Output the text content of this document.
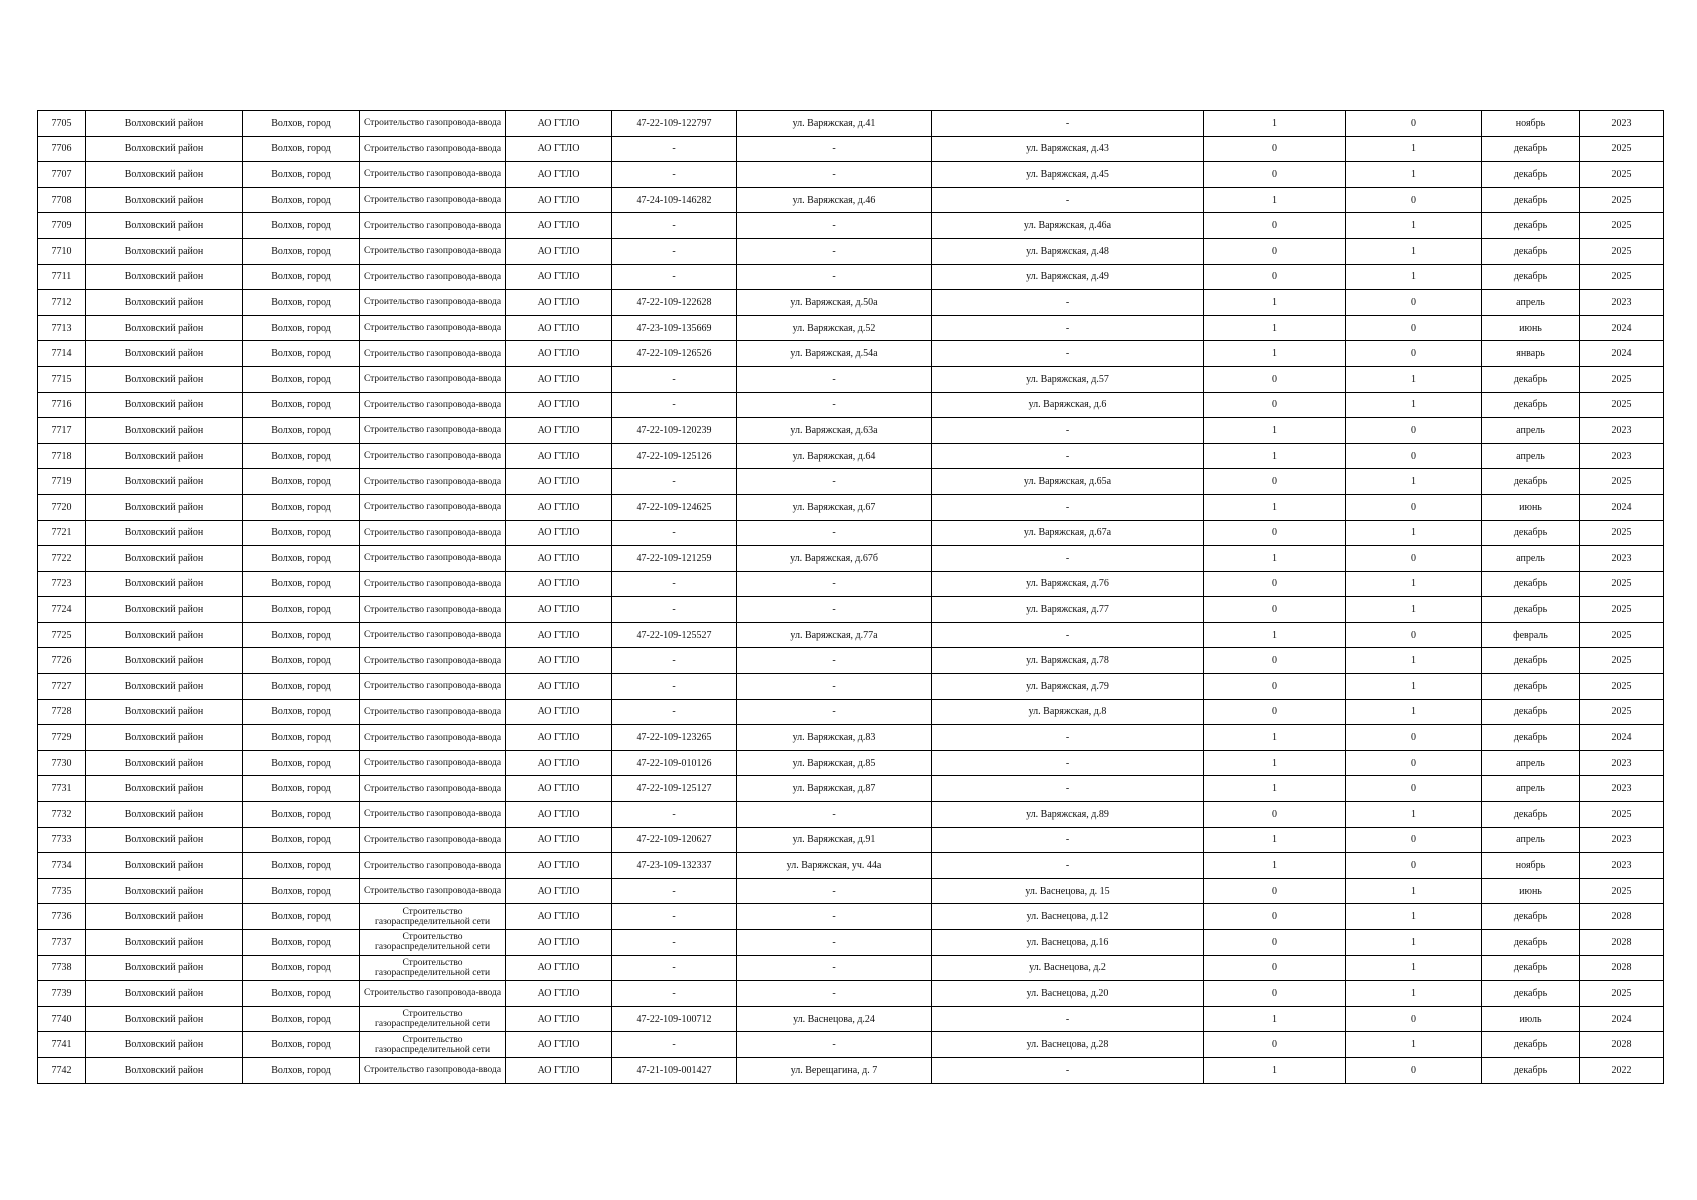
7705	Волховский район	Волхов, город	Строительство газопровода-ввода	АО ГТЛО	47-22-109-122797	ул. Варяжская, д.41	-	1	0	ноябрь	2023
7706	Волховский район	Волхов, город	Строительство газопровода-ввода	АО ГТЛО	-	-	ул. Варяжская, д.43	0	1	декабрь	2025
7707	Волховский район	Волхов, город	Строительство газопровода-ввода	АО ГТЛО	-	-	ул. Варяжская, д.45	0	1	декабрь	2025
7708	Волховский район	Волхов, город	Строительство газопровода-ввода	АО ГТЛО	47-24-109-146282	ул. Варяжская, д.46	-	1	0	декабрь	2025
7709	Волховский район	Волхов, город	Строительство газопровода-ввода	АО ГТЛО	-	-	ул. Варяжская, д.46а	0	1	декабрь	2025
7710	Волховский район	Волхов, город	Строительство газопровода-ввода	АО ГТЛО	-	-	ул. Варяжская, д.48	0	1	декабрь	2025
7711	Волховский район	Волхов, город	Строительство газопровода-ввода	АО ГТЛО	-	-	ул. Варяжская, д.49	0	1	декабрь	2025
7712	Волховский район	Волхов, город	Строительство газопровода-ввода	АО ГТЛО	47-22-109-122628	ул. Варяжская, д.50а	-	1	0	апрель	2023
7713	Волховский район	Волхов, город	Строительство газопровода-ввода	АО ГТЛО	47-23-109-135669	ул. Варяжская, д.52	-	1	0	июнь	2024
7714	Волховский район	Волхов, город	Строительство газопровода-ввода	АО ГТЛО	47-22-109-126526	ул. Варяжская, д.54а	-	1	0	январь	2024
7715	Волховский район	Волхов, город	Строительство газопровода-ввода	АО ГТЛО	-	-	ул. Варяжская, д.57	0	1	декабрь	2025
7716	Волховский район	Волхов, город	Строительство газопровода-ввода	АО ГТЛО	-	-	ул. Варяжская, д.6	0	1	декабрь	2025
7717	Волховский район	Волхов, город	Строительство газопровода-ввода	АО ГТЛО	47-22-109-120239	ул. Варяжская, д.63а	-	1	0	апрель	2023
7718	Волховский район	Волхов, город	Строительство газопровода-ввода	АО ГТЛО	47-22-109-125126	ул. Варяжская, д.64	-	1	0	апрель	2023
7719	Волховский район	Волхов, город	Строительство газопровода-ввода	АО ГТЛО	-	-	ул. Варяжская, д.65а	0	1	декабрь	2025
7720	Волховский район	Волхов, город	Строительство газопровода-ввода	АО ГТЛО	47-22-109-124625	ул. Варяжская, д.67	-	1	0	июнь	2024
7721	Волховский район	Волхов, город	Строительство газопровода-ввода	АО ГТЛО	-	-	ул. Варяжская, д.67а	0	1	декабрь	2025
7722	Волховский район	Волхов, город	Строительство газопровода-ввода	АО ГТЛО	47-22-109-121259	ул. Варяжская, д.67б	-	1	0	апрель	2023
7723	Волховский район	Волхов, город	Строительство газопровода-ввода	АО ГТЛО	-	-	ул. Варяжская, д.76	0	1	декабрь	2025
7724	Волховский район	Волхов, город	Строительство газопровода-ввода	АО ГТЛО	-	-	ул. Варяжская, д.77	0	1	декабрь	2025
7725	Волховский район	Волхов, город	Строительство газопровода-ввода	АО ГТЛО	47-22-109-125527	ул. Варяжская, д.77а	-	1	0	февраль	2025
7726	Волховский район	Волхов, город	Строительство газопровода-ввода	АО ГТЛО	-	-	ул. Варяжская, д.78	0	1	декабрь	2025
7727	Волховский район	Волхов, город	Строительство газопровода-ввода	АО ГТЛО	-	-	ул. Варяжская, д.79	0	1	декабрь	2025
7728	Волховский район	Волхов, город	Строительство газопровода-ввода	АО ГТЛО	-	-	ул. Варяжская, д.8	0	1	декабрь	2025
7729	Волховский район	Волхов, город	Строительство газопровода-ввода	АО ГТЛО	47-22-109-123265	ул. Варяжская, д.83	-	1	0	декабрь	2024
7730	Волховский район	Волхов, город	Строительство газопровода-ввода	АО ГТЛО	47-22-109-010126	ул. Варяжская, д.85	-	1	0	апрель	2023
7731	Волховский район	Волхов, город	Строительство газопровода-ввода	АО ГТЛО	47-22-109-125127	ул. Варяжская, д.87	-	1	0	апрель	2023
7732	Волховский район	Волхов, город	Строительство газопровода-ввода	АО ГТЛО	-	-	ул. Варяжская, д.89	0	1	декабрь	2025
7733	Волховский район	Волхов, город	Строительство газопровода-ввода	АО ГТЛО	47-22-109-120627	ул. Варяжская, д.91	-	1	0	апрель	2023
7734	Волховский район	Волхов, город	Строительство газопровода-ввода	АО ГТЛО	47-23-109-132337	ул. Варяжская, уч. 44а	-	1	0	ноябрь	2023
7735	Волховский район	Волхов, город	Строительство газопровода-ввода	АО ГТЛО	-	-	ул. Васнецова, д. 15	0	1	июнь	2025
7736	Волховский район	Волхов, город	Строительство газораспределительной сети	АО ГТЛО	-	-	ул. Васнецова, д.12	0	1	декабрь	2028
7737	Волховский район	Волхов, город	Строительство газораспределительной сети	АО ГТЛО	-	-	ул. Васнецова, д.16	0	1	декабрь	2028
7738	Волховский район	Волхов, город	Строительство газораспределительной сети	АО ГТЛО	-	-	ул. Васнецова, д.2	0	1	декабрь	2028
7739	Волховский район	Волхов, город	Строительство газопровода-ввода	АО ГТЛО	-	-	ул. Васнецова, д.20	0	1	декабрь	2025
7740	Волховский район	Волхов, город	Строительство газораспределительной сети	АО ГТЛО	47-22-109-100712	ул. Васнецова, д.24	-	1	0	июль	2024
7741	Волховский район	Волхов, город	Строительство газораспределительной сети	АО ГТЛО	-	-	ул. Васнецова, д.28	0	1	декабрь	2028
7742	Волховский район	Волхов, город	Строительство газопровода-ввода	АО ГТЛО	47-21-109-001427	ул. Верещагина, д. 7	-	1	0	декабрь	2022
